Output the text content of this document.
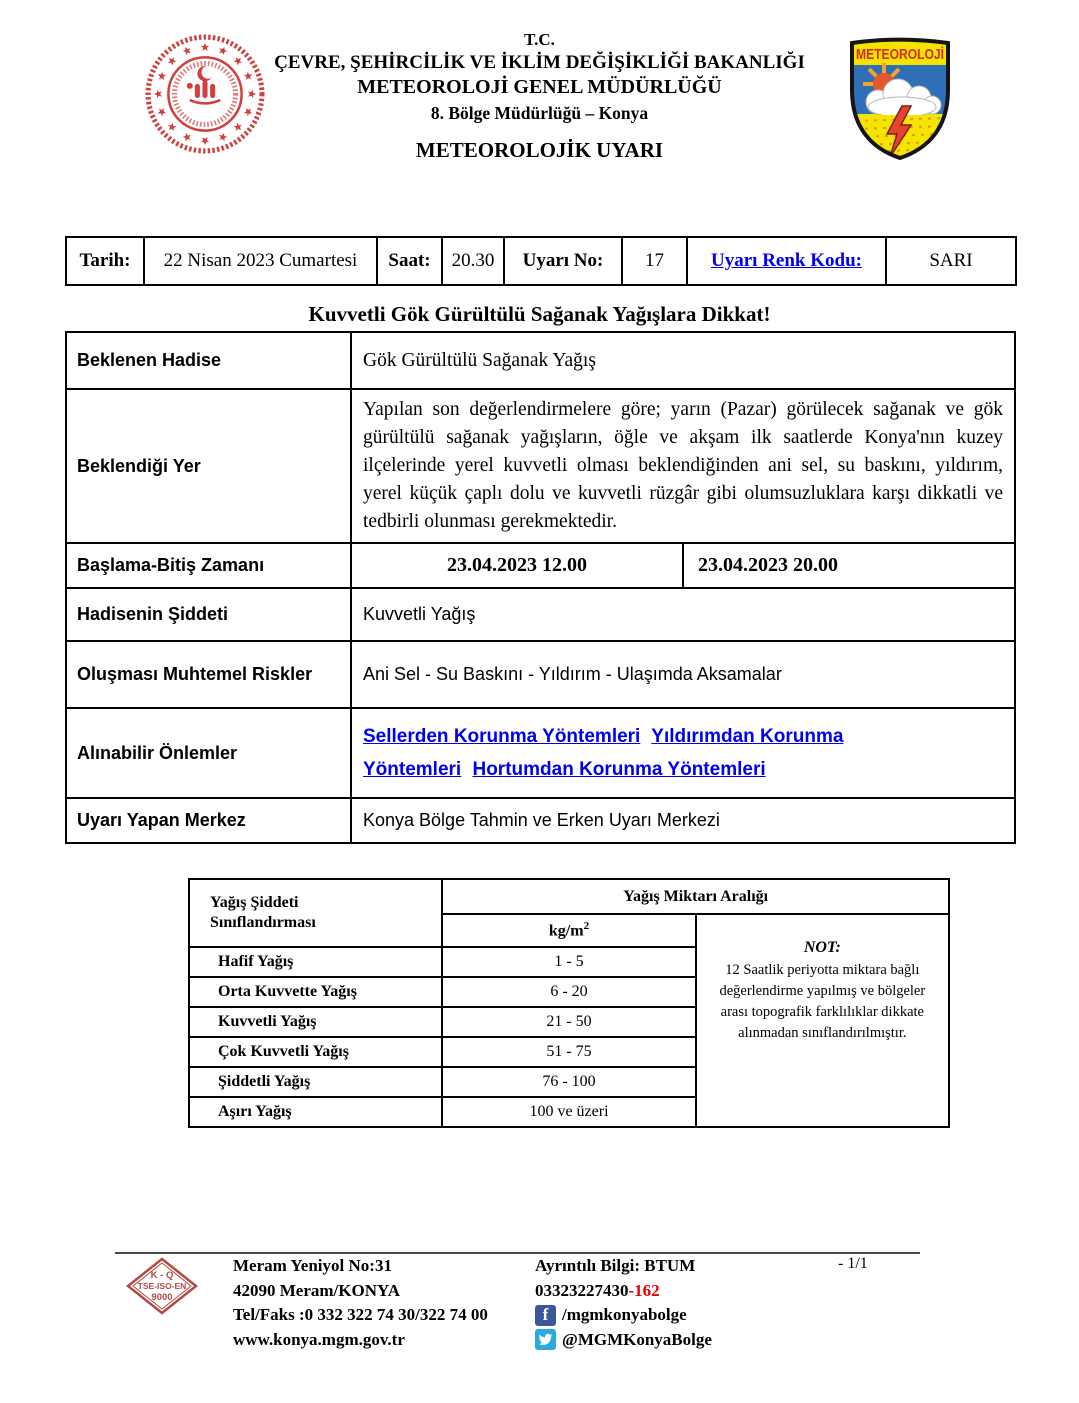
T.C.
ÇEVRE, ŞEHİRCİLİK VE İKLİM DEĞİŞİKLİĞİ BAKANLIĞI
METEOROLOJİ GENEL MÜDÜRLÜĞÜ
8. Bölge Müdürlüğü – Konya
METEOROLOJİK UYARI
METEOROLOJİ
Tarih:	22 Nisan 2023 Cumartesi	Saat:	20.30	Uyarı No:	17	Uyarı Renk Kodu:	SARI
Kuvvetli Gök Gürültülü Sağanak Yağışlara Dikkat!
Beklenen Hadise	Gök Gürültülü Sağanak Yağış	
Beklendiği Yer	Yapılan son değerlendirmelere göre; yarın (Pazar) görülecek sağanak ve gök gürültülü sağanak yağışların, öğle ve akşam ilk saatlerde Konya'nın kuzey ilçelerinde yerel kuvvetli olması beklendiğinden ani sel, su baskını, yıldırım, yerel küçük çaplı dolu ve kuvvetli rüzgâr gibi olumsuzluklara karşı dikkatli ve tedbirli olunması gerekmektedir.	
Başlama-Bitiş Zamanı	23.04.2023 12.00	23.04.2023 20.00
Hadisenin Şiddeti	Kuvvetli Yağış	
Oluşması Muhtemel Riskler	Ani Sel - Su Baskını - Yıldırım - Ulaşımda Aksamalar	
Alınabilir Önlemler	Sellerden Korunma Yöntemleri Yıldırımdan Korunma Yöntemleri Hortumdan Korunma Yöntemleri	

Uyarı Yapan Merkez	Konya Bölge Tahmin ve Erken Uyarı Merkezi	
Yağış Şiddeti
Sınıflandırması	Yağış Miktarı Aralığı	
	$kg/m^2$	NOT:
12 Saatlik periyotta miktara bağlı değerlendirme yapılmış ve bölgeler arası topografik farklılıklar dikkate alınmadan sınıflandırılmıştır.

Hafif Yağış	1 - 5	
Orta Kuvvette Yağış	6 - 20	
Kuvvetli Yağış	21 - 50	
Çok Kuvvetli Yağış	51 - 75	
Şiddetli Yağış	76 - 100	
Aşırı Yağış	100 ve üzeri	
K - Q
TSE-ISO-EN
9000
Meram Yeniyol No:31
42090 Meram/KONYA
Tel/Faks :0 332 322 74 30/322 74 00
www.konya.mgm.gov.tr
Ayrıntılı Bilgi: BTUM
03323227430-162
f /mgmkonyabolge
@MGMKonyaBolge
- 1/1
